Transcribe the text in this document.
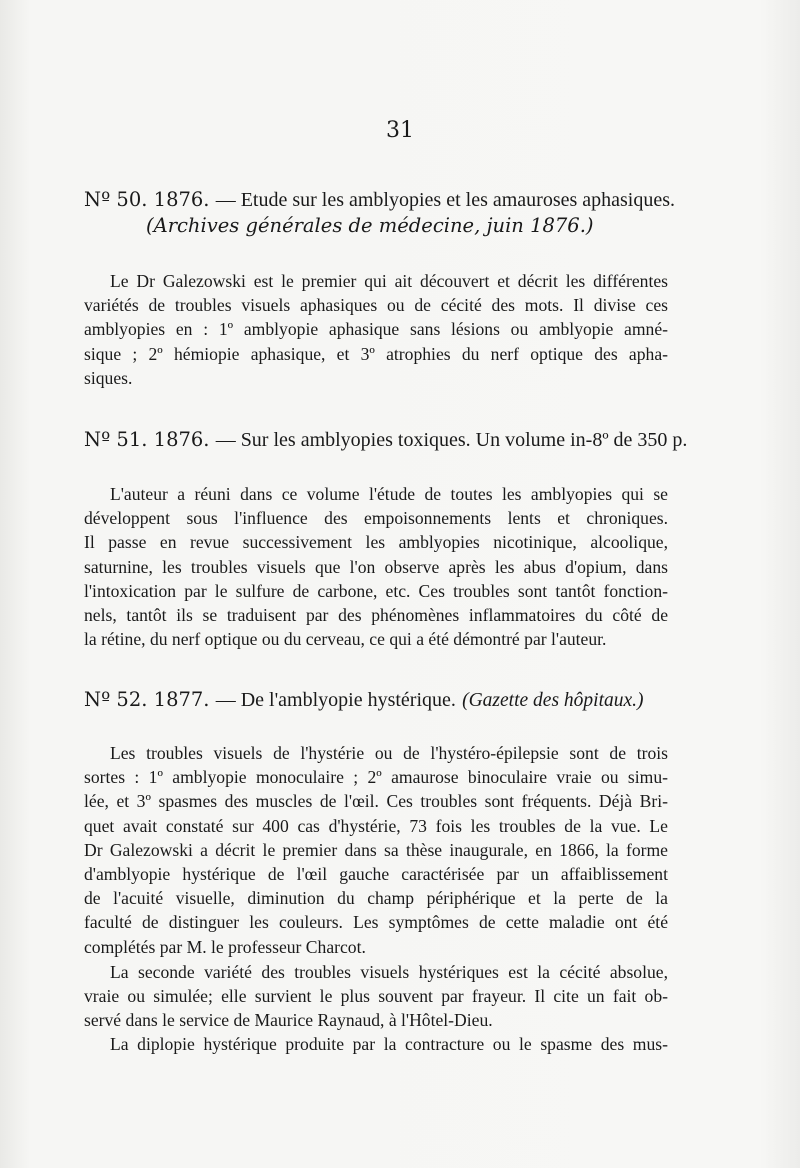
31
Nº 50. 1876. — Etude sur les amblyopies et les amauroses aphasiques.
(Archives générales de médecine, juin 1876.)

Le Dr Galezowski est le premier qui ait découvert et décrit les différentes
variétés de troubles visuels aphasiques ou de cécité des mots. Il divise ces
amblyopies en : 1º amblyopie aphasique sans lésions ou amblyopie amné-
sique ; 2º hémiopie aphasique, et 3º atrophies du nerf optique des apha-
siques.

Nº 51. 1876. — Sur les amblyopies toxiques. Un volume in-8º de 350 p.

L'auteur a réuni dans ce volume l'étude de toutes les amblyopies qui se
développent sous l'influence des empoisonnements lents et chroniques.
Il passe en revue successivement les amblyopies nicotinique, alcoolique,
saturnine, les troubles visuels que l'on observe après les abus d'opium, dans
l'intoxication par le sulfure de carbone, etc. Ces troubles sont tantôt fonction-
nels, tantôt ils se traduisent par des phénomènes inflammatoires du côté de
la rétine, du nerf optique ou du cerveau, ce qui a été démontré par l'auteur.

Nº 52. 1877. — De l'amblyopie hystérique. (Gazette des hôpitaux.)

Les troubles visuels de l'hystérie ou de l'hystéro-épilepsie sont de trois
sortes : 1º amblyopie monoculaire ; 2º amaurose binoculaire vraie ou simu-
lée, et 3º spasmes des muscles de l'œil. Ces troubles sont fréquents. Déjà Bri-
quet avait constaté sur 400 cas d'hystérie, 73 fois les troubles de la vue. Le
Dr Galezowski a décrit le premier dans sa thèse inaugurale, en 1866, la forme
d'amblyopie hystérique de l'œil gauche caractérisée par un affaiblissement
de l'acuité visuelle, diminution du champ périphérique et la perte de la
faculté de distinguer les couleurs. Les symptômes de cette maladie ont été
complétés par M. le professeur Charcot.

La seconde variété des troubles visuels hystériques est la cécité absolue,
vraie ou simulée; elle survient le plus souvent par frayeur. Il cite un fait ob-
servé dans le service de Maurice Raynaud, à l'Hôtel-Dieu.

La diplopie hystérique produite par la contracture ou le spasme des mus-
